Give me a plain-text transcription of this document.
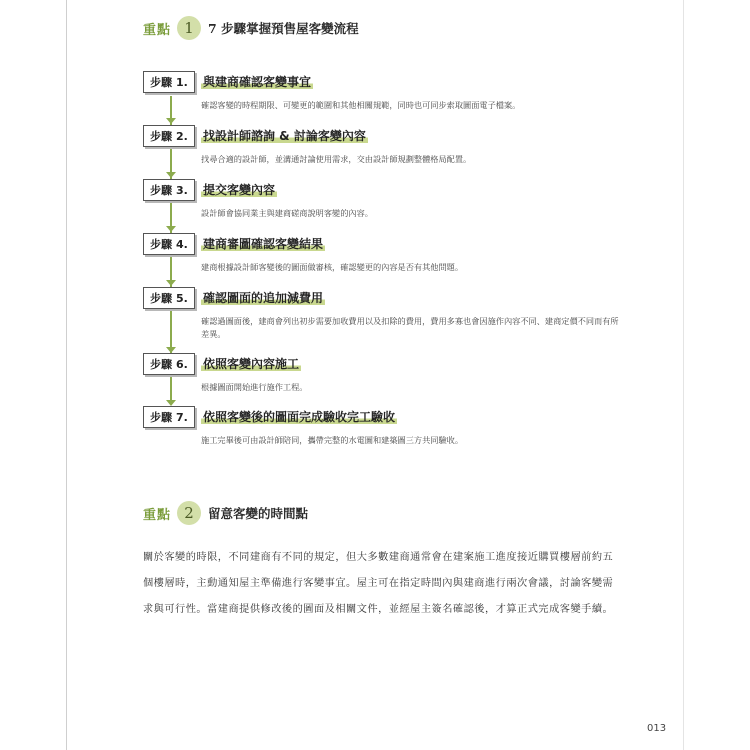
重點 1	7 步驟掌握預售屋客變流程
步驟 1.	與建商確認客變事宜
確認客變的時程期限、可變更的範圍和其他相關規範，同時也可同步索取圖面電子檔案。
步驟 2.	找設計師諮詢 & 討論客變內容
找尋合適的設計師，並溝通討論使用需求，交由設計師規劃整體格局配置。
步驟 3.	提交客變內容
設計師會協同業主與建商磋商說明客變的內容。
步驟 4.	建商審圖確認客變結果
建商根據設計師客變後的圖面做審核，確認變更的內容是否有其他問題。
步驟 5.	確認圖面的追加減費用
確認過圖面後，建商會列出初步需要加收費用以及扣除的費用，費用多寡也會因施作內容不同、建商定價不同而有所差異。
步驟 6.	依照客變內容施工
根據圖面開始進行施作工程。
步驟 7.	依照客變後的圖面完成驗收完工驗收
施工完畢後可由設計師陪同，攜帶完整的水電圖和建築圖三方共同驗收。
重點 2	留意客變的時間點
關於客變的時限，不同建商有不同的規定，但大多數建商通常會在建案施工進度接近購買樓層前約五個樓層時，主動通知屋主準備進行客變事宜。屋主可在指定時間內與建商進行兩次會議，討論客變需求與可行性。當建商提供修改後的圖面及相關文件，並經屋主簽名確認後，才算正式完成客變手續。
013
